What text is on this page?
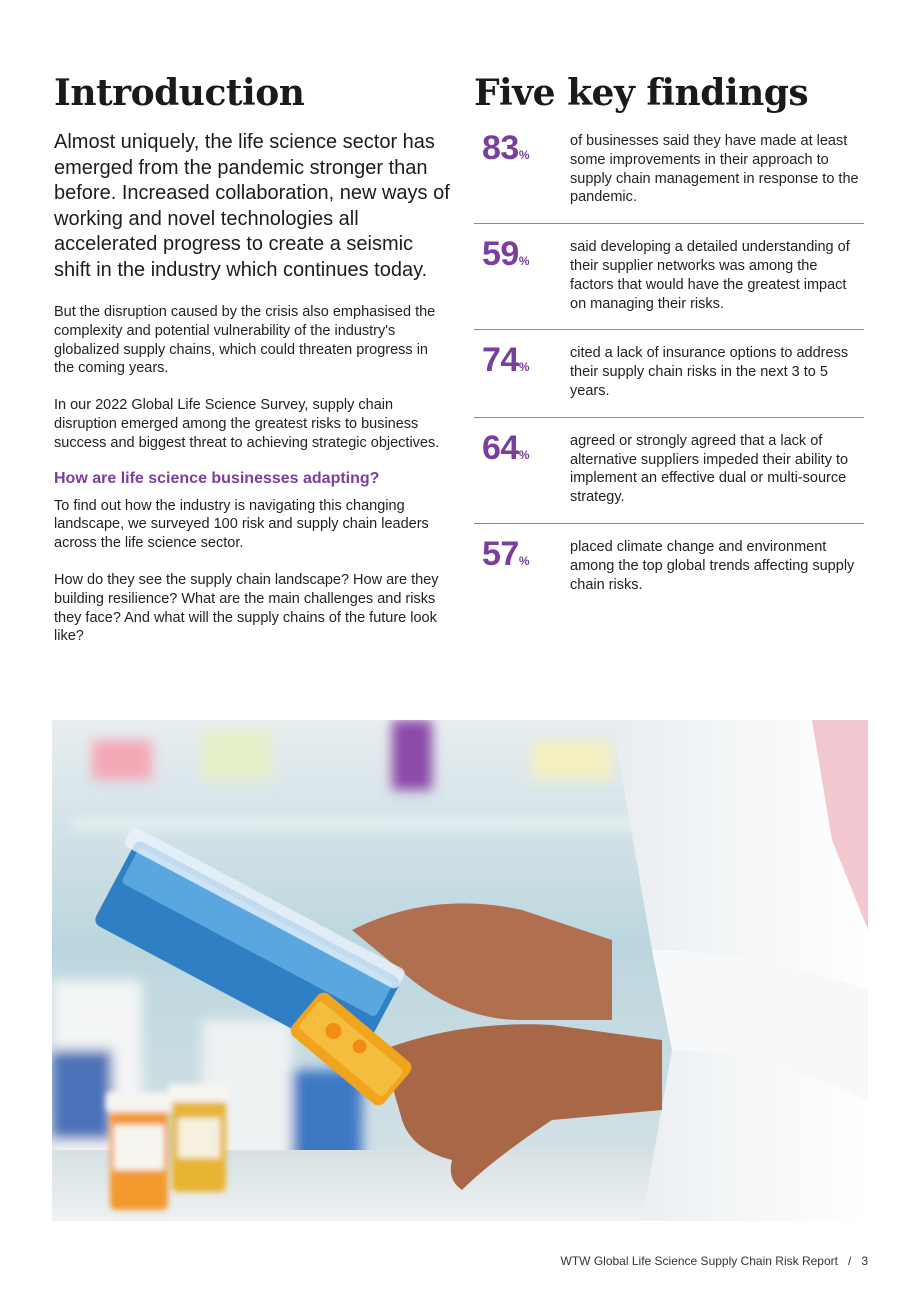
Introduction

Almost uniquely, the life science sector has emerged from the pandemic stronger than before. Increased collaboration, new ways of working and novel technologies all accelerated progress to create a seismic shift in the industry which continues today.

But the disruption caused by the crisis also emphasised the complexity and potential vulnerability of the industry's globalized supply chains, which could threaten progress in the coming years.

In our 2022 Global Life Science Survey, supply chain disruption emerged among the greatest risks to business success and biggest threat to achieving strategic objectives.

How are life science businesses adapting?

To find out how the industry is navigating this changing landscape, we surveyed 100 risk and supply chain leaders across the life science sector.

How do they see the supply chain landscape? How are they building resilience? What are the main challenges and risks they face? And what will the supply chains of the future look like?

Five key findings
83%
of businesses said they have made at least some improvements in their approach to supply chain management in response to the pandemic.
59%
said developing a detailed understanding of their supplier networks was among the factors that would have the greatest impact on managing their risks.
74%
cited a lack of insurance options to address their supply chain risks in the next 3 to 5 years.
64%
agreed or strongly agreed that a lack of alternative suppliers impeded their ability to implement an effective dual or multi-source strategy.
57%
placed climate change and environment among the top global trends affecting supply chain risks.
WTW Global Life Science Supply Chain Risk Report / 3
